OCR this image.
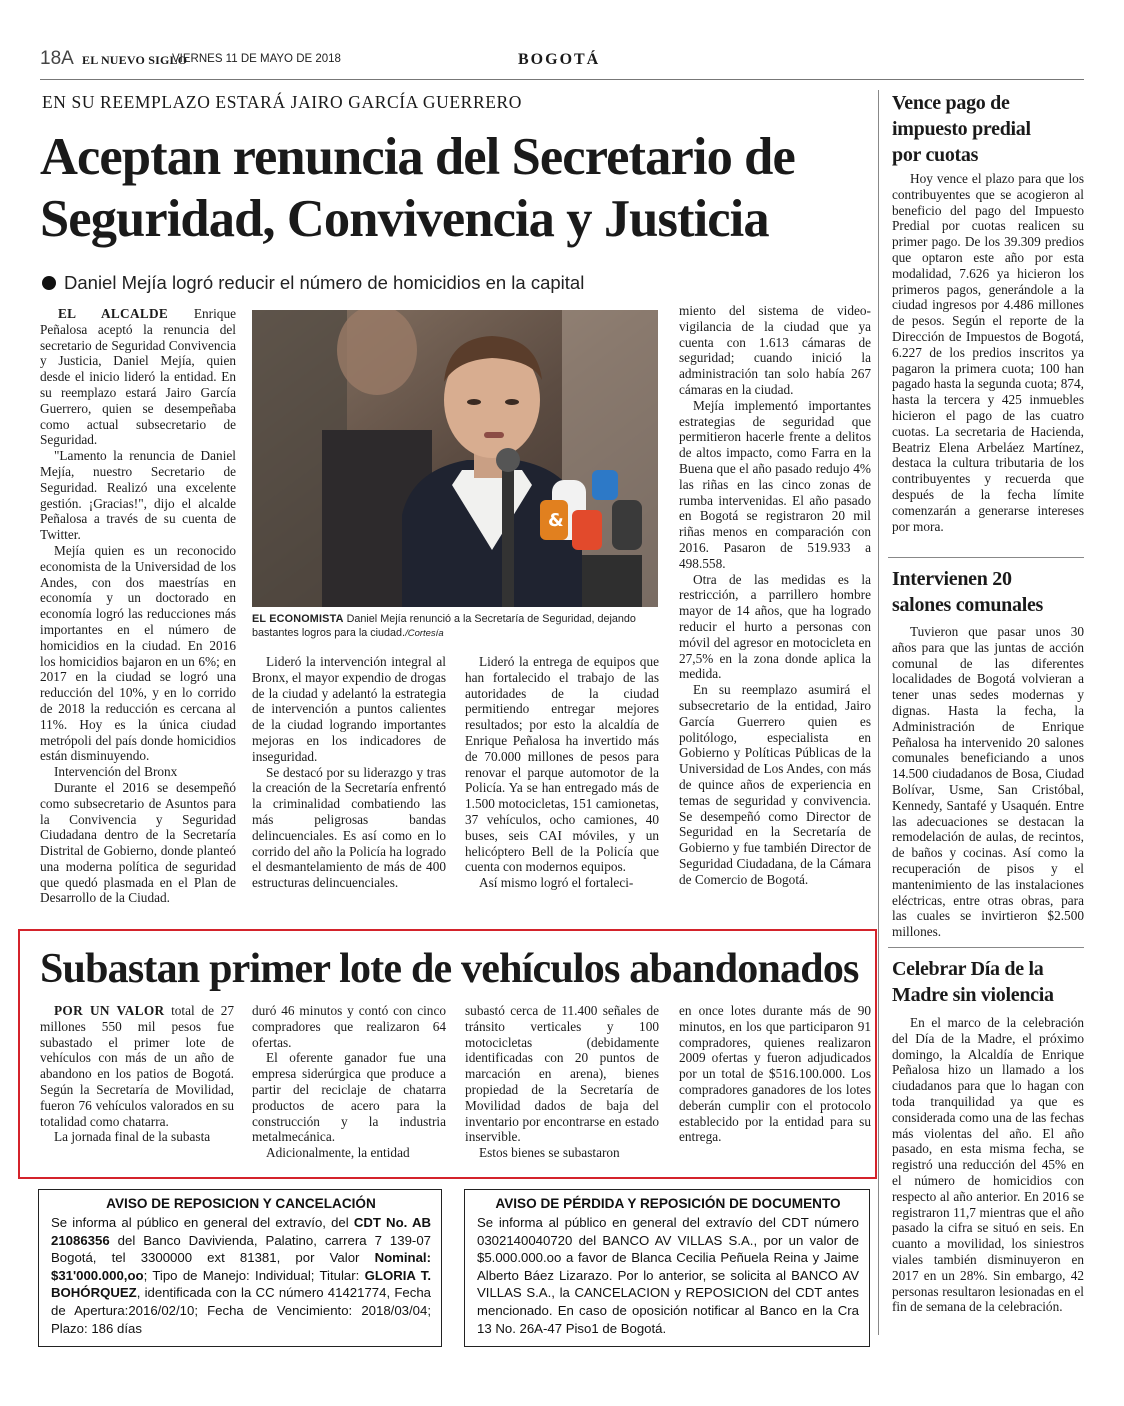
18A EL NUEVO SIGLO
VIERNES 11 DE MAYO DE 2018	BOGOTÁ
EN SU REEMPLAZO ESTARÁ JAIRO GARCÍA GUERRERO
Aceptan renuncia del Secretario de
Seguridad, Convivencia y Justicia
Daniel Mejía logró reducir el número de homicidios en la capital

EL ALCALDE Enrique Peñalosa aceptó la renuncia del secretario de Seguridad Convivencia y Justicia, Daniel Mejía, quien desde el inicio lideró la entidad. En su reemplazo estará Jairo García Guerrero, quien se desempeñaba como actual subsecretario de Seguridad.

"Lamento la renuncia de Daniel Mejía, nuestro Secretario de Seguridad. Realizó una excelente gestión. ¡Gracias!", dijo el alcalde Peñalosa a través de su cuenta de Twitter.

Mejía quien es un reconocido economista de la Universidad de los Andes, con dos maestrías en economía y un doctorado en economía logró las reducciones más importantes en el número de homicidios en la ciudad. En 2016 los homicidios bajaron en un 6%; en 2017 en la ciudad se logró una reducción del 10%, y en lo corrido de 2018 la reducción es cercana al 11%. Hoy es la única ciudad metrópoli del país donde homicidios están disminuyendo.

Intervención del Bronx

Durante el 2016 se desempeñó como subsecretario de Asuntos para la Convivencia y Seguridad Ciudadana dentro de la Secretaría Distrital de Gobierno, donde planteó una moderna política de seguridad que quedó plasmada en el Plan de Desarrollo de la Ciudad.

&
EL ECONOMISTA Daniel Mejía renunció a la Secretaría de Seguridad, dejando bastantes logros para la ciudad./Cortesía

Lideró la intervención integral al Bronx, el mayor expendio de drogas de la ciudad y adelantó la estrategia de intervención a puntos calientes de la ciudad logrando importantes mejoras en los indicadores de inseguridad.

Se destacó por su liderazgo y tras la creación de la Secretaría enfrentó la criminalidad combatiendo las más peligrosas bandas delincuenciales. Es así como en lo corrido del año la Policía ha logrado el desmantelamiento de más de 400 estructuras delincuenciales.

Lideró la entrega de equipos que han fortalecido el trabajo de las autoridades de la ciudad permitiendo entregar mejores resultados; por esto la alcaldía de Enrique Peñalosa ha invertido más de 70.000 millones de pesos para renovar el parque automotor de la Policía. Ya se han entregado más de 1.500 motocicletas, 151 camionetas, 37 vehículos, ocho camiones, 40 buses, seis CAI móviles, y un helicóptero Bell de la Policía que cuenta con modernos equipos.

Así mismo logró el fortaleci-

miento del sistema de video-vigilancia de la ciudad que ya cuenta con 1.613 cámaras de seguridad; cuando inició la administración tan solo había 267 cámaras en la ciudad.

Mejía implementó importantes estrategias de seguridad que permitieron hacerle frente a delitos de altos impacto, como Farra en la Buena que el año pasado redujo 4% las riñas en las cinco zonas de rumba intervenidas. El año pasado en Bogotá se registraron 20 mil riñas menos en comparación con 2016. Pasaron de 519.933 a 498.558.

Otra de las medidas es la restricción, a parrillero hombre mayor de 14 años, que ha logrado reducir el hurto a personas con móvil del agresor en motocicleta en 27,5% en la zona donde aplica la medida.

En su reemplazo asumirá el subsecretario de la entidad, Jairo García Guerrero quien es politólogo, especialista en Gobierno y Políticas Públicas de la Universidad de Los Andes, con más de quince años de experiencia en temas de seguridad y convivencia. Se desempeñó como Director de Seguridad en la Secretaría de Gobierno y fue también Director de Seguridad Ciudadana, de la Cámara de Comercio de Bogotá.

Subastan primer lote de vehículos abandonados

POR UN VALOR total de 27 millones 550 mil pesos fue subastado el primer lote de vehículos con más de un año de abandono en los patios de Bogotá. Según la Secretaría de Movilidad, fueron 76 vehículos valorados en su totalidad como chatarra.

La jornada final de la subasta

duró 46 minutos y contó con cinco compradores que realizaron 64 ofertas.

El oferente ganador fue una empresa siderúrgica que produce a partir del reciclaje de chatarra productos de acero para la construcción y la industria metalmecánica.

Adicionalmente, la entidad

subastó cerca de 11.400 señales de tránsito verticales y 100 motocicletas (debidamente identificadas con 20 puntos de marcación en arena), bienes propiedad de la Secretaría de Movilidad dados de baja del inventario por encontrarse en estado inservible.

Estos bienes se subastaron

en once lotes durante más de 90 minutos, en los que participaron 91 compradores, quienes realizaron 2009 ofertas y fueron adjudicados por un total de $516.100.000. Los compradores ganadores de los lotes deberán cumplir con el protocolo establecido por la entidad para su entrega.

AVISO DE REPOSICION Y CANCELACIÓN
Se informa al público en general del extravío, del CDT No. AB 21086356 del Banco Davivienda, Palatino, carrera 7 139-07 Bogotá, tel 3300000 ext 81381, por Valor Nominal: $31'000.000,oo; Tipo de Manejo: Individual; Titular: GLORIA T. BOHÓRQUEZ, identificada con la CC número 41421774, Fecha de Apertura:2016/02/10; Fecha de Vencimiento: 2018/03/04; Plazo: 186 días
AVISO DE PÉRDIDA Y REPOSICIÓN DE DOCUMENTO
Se informa al público en general del extravío del CDT número 0302140040720 del BANCO AV VILLAS S.A., por un valor de $5.000.000.oo a favor de Blanca Cecilia Peñuela Reina y Jaime Alberto Báez Lizarazo. Por lo anterior, se solicita al BANCO AV VILLAS S.A., la CANCELACION y REPOSICION del CDT antes mencionado. En caso de oposición notificar al Banco en la Cra 13 No. 26A-47 Piso1 de Bogotá.
Vence pago de impuesto predial por cuotas

Hoy vence el plazo para que los contribuyentes que se acogieron al beneficio del pago del Impuesto Predial por cuotas realicen su primer pago. De los 39.309 predios que optaron este año por esta modalidad, 7.626 ya hicieron los primeros pagos, generándole a la ciudad ingresos por 4.486 millones de pesos. Según el reporte de la Dirección de Impuestos de Bogotá, 6.227 de los predios inscritos ya pagaron la primera cuota; 100 han pagado hasta la segunda cuota; 874, hasta la tercera y 425 inmuebles hicieron el pago de las cuatro cuotas. La secretaria de Hacienda, Beatriz Elena Arbeláez Martínez, destaca la cultura tributaria de los contribuyentes y recuerda que después de la fecha límite comenzarán a generarse intereses por mora.

Intervienen 20 salones comunales

Tuvieron que pasar unos 30 años para que las juntas de acción comunal de las diferentes localidades de Bogotá volvieran a tener unas sedes modernas y dignas. Hasta la fecha, la Administración de Enrique Peñalosa ha intervenido 20 salones comunales beneficiando a unos 14.500 ciudadanos de Bosa, Ciudad Bolívar, Usme, San Cristóbal, Kennedy, Santafé y Usaquén. Entre las adecuaciones se destacan la remodelación de aulas, de recintos, de baños y cocinas. Así como la recuperación de pisos y el mantenimiento de las instalaciones eléctricas, entre otras obras, para las cuales se invirtieron $2.500 millones.

Celebrar Día de la Madre sin violencia

En el marco de la celebración del Día de la Madre, el próximo domingo, la Alcaldía de Enrique Peñalosa hizo un llamado a los ciudadanos para que lo hagan con toda tranquilidad ya que es considerada como una de las fechas más violentas del año. El año pasado, en esta misma fecha, se registró una reducción del 45% en el número de homicidios con respecto al año anterior. En 2016 se registraron 11,7 mientras que el año pasado la cifra se situó en seis. En cuanto a movilidad, los siniestros viales también disminuyeron en 2017 en un 28%. Sin embargo, 42 personas resultaron lesionadas en el fin de semana de la celebración.
